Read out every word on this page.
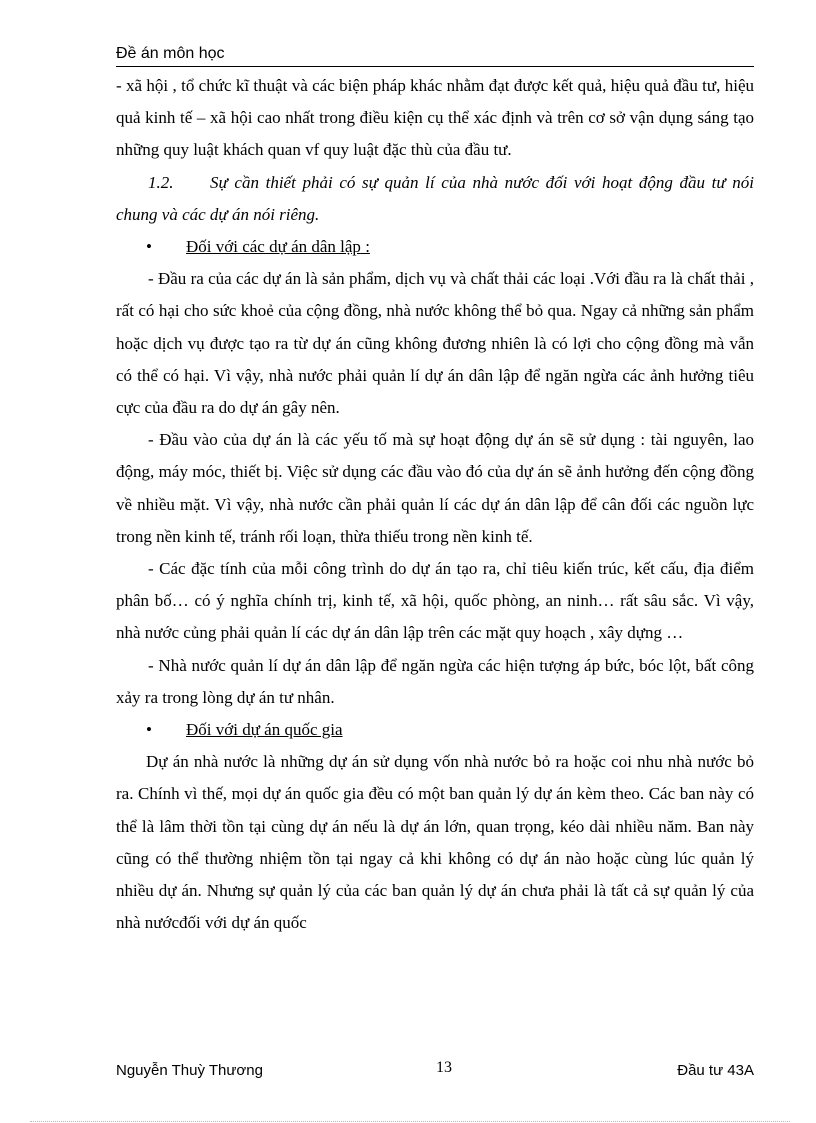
Đề án môn học

- xã hội , tổ chức kĩ thuật và các biện pháp khác nhằm đạt được kết quả, hiệu quả đầu tư, hiệu quả kinh tế – xã hội cao nhất trong điều kiện cụ thể xác định và trên cơ sở vận dụng sáng tạo những quy luật khách quan vf quy luật đặc thù của đầu tư.

1.2. Sự cần thiết phải có sự quản lí của nhà nước đối với hoạt động đầu tư nói chung và các dự án nói riêng.

• Đối với các dự án dân lập :

- Đầu ra của các dự án là sản phẩm, dịch vụ và chất thải các loại .Với đầu ra là chất thải , rất có hại cho sức khoẻ của cộng đồng, nhà nước không thể bỏ qua. Ngay cả những sản phẩm hoặc dịch vụ được tạo ra từ dự án cũng không đương nhiên là có lợi cho cộng đồng mà vẫn có thể có hại. Vì vậy, nhà nước phải quản lí dự án dân lập để ngăn ngừa các ảnh hưởng tiêu cực của đầu ra do dự án gây nên.

- Đầu vào của dự án là các yếu tố mà sự hoạt động dự án sẽ sử dụng : tài nguyên, lao động, máy móc, thiết bị. Việc sử dụng các đầu vào đó của dự án sẽ ảnh hưởng đến cộng đồng về nhiều mặt. Vì vậy, nhà nước cần phải quản lí các dự án dân lập để cân đối các nguồn lực trong nền kinh tế, tránh rối loạn, thừa thiếu trong nền kinh tế.

- Các đặc tính của mỗi công trình do dự án tạo ra, chỉ tiêu kiến trúc, kết cấu, địa điểm phân bố… có ý nghĩa chính trị, kinh tế, xã hội, quốc phòng, an ninh… rất sâu sắc. Vì vậy, nhà nước củng phải quản lí các dự án dân lập trên các mặt quy hoạch , xây dựng …

- Nhà nước quản lí dự án dân lập để ngăn ngừa các hiện tượng áp bức, bóc lột, bất công xảy ra trong lòng dự án tư nhân.

• Đối với dự án quốc gia

Dự án nhà nước là những dự án sử dụng vốn nhà nước bỏ ra hoặc coi nhu nhà nước bỏ ra. Chính vì thế, mọi dự án quốc gia đều có một ban quản lý dự án kèm theo. Các ban này có thể là lâm thời tồn tại cùng dự án nếu là dự án lớn, quan trọng, kéo dài nhiều năm. Ban này cũng có thể thường nhiệm tồn tại ngay cả khi không có dự án nào hoặc cùng lúc quản lý nhiều dự án. Nhưng sự quản lý của các ban quản lý dự án chưa phải là tất cả sự quản lý của nhà nướcđối với dự án quốc

Nguyễn Thuỳ Thương	13	Đầu tư 43A
